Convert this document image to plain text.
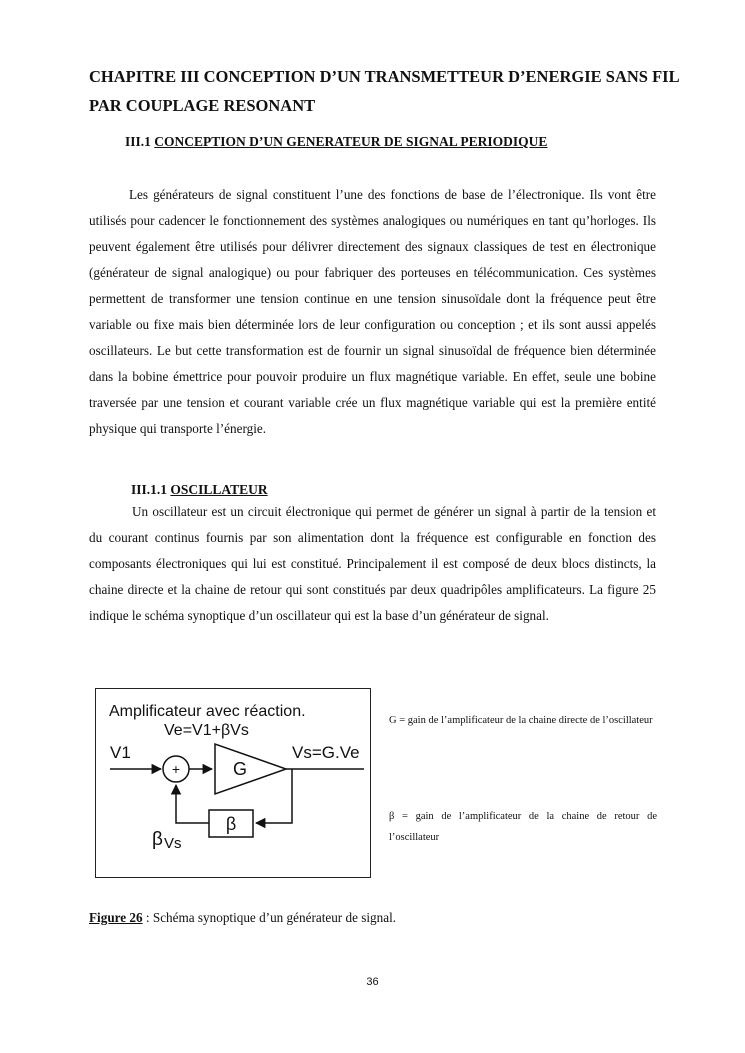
CHAPITRE III CONCEPTION D’UN TRANSMETTEUR D’ENERGIE SANS FIL PAR COUPLAGE RESONANT

III.1 CONCEPTION D’UN GENERATEUR DE SIGNAL PERIODIQUE

Les générateurs de signal constituent l’une des fonctions de base de l’électronique. Ils vont être utilisés pour cadencer le fonctionnement des systèmes analogiques ou numériques en tant qu’horloges. Ils peuvent également être utilisés pour délivrer directement des signaux classiques de test en électronique (générateur de signal analogique) ou pour fabriquer des porteuses en télécommunication. Ces systèmes permettent de transformer une tension continue en une tension sinusoïdale dont la fréquence peut être variable ou fixe mais bien déterminée lors de leur configuration ou conception ; et ils sont aussi appelés oscillateurs. Le but cette transformation est de fournir un signal sinusoïdal de fréquence bien déterminée dans la bobine émettrice pour pouvoir produire un flux magnétique variable. En effet, seule une bobine traversée par une tension et courant variable crée un flux magnétique variable qui est la première entité physique qui transporte l’énergie.

III.1.1 OSCILLATEUR

Un oscillateur est un circuit électronique qui permet de générer un signal à partir de la tension et du courant continus fournis par son alimentation dont la fréquence est configurable en fonction des composants électroniques qui lui est constitué. Principalement il est composé de deux blocs distincts, la chaine directe et la chaine de retour qui sont constitués par deux quadripôles amplificateurs. La figure 25 indique le schéma synoptique d’un oscillateur qui est la base d’un générateur de signal.

Amplificateur avec réaction.
Ve=V1+βVs
V1
+	G
Vs=G.Ve
β
β Vs

G = gain de l’amplificateur de la chaine directe de l’oscillateur

β = gain de l’amplificateur de la chaine de retour de l’oscillateur

Figure 26 : Schéma synoptique d’un générateur de signal.

36
